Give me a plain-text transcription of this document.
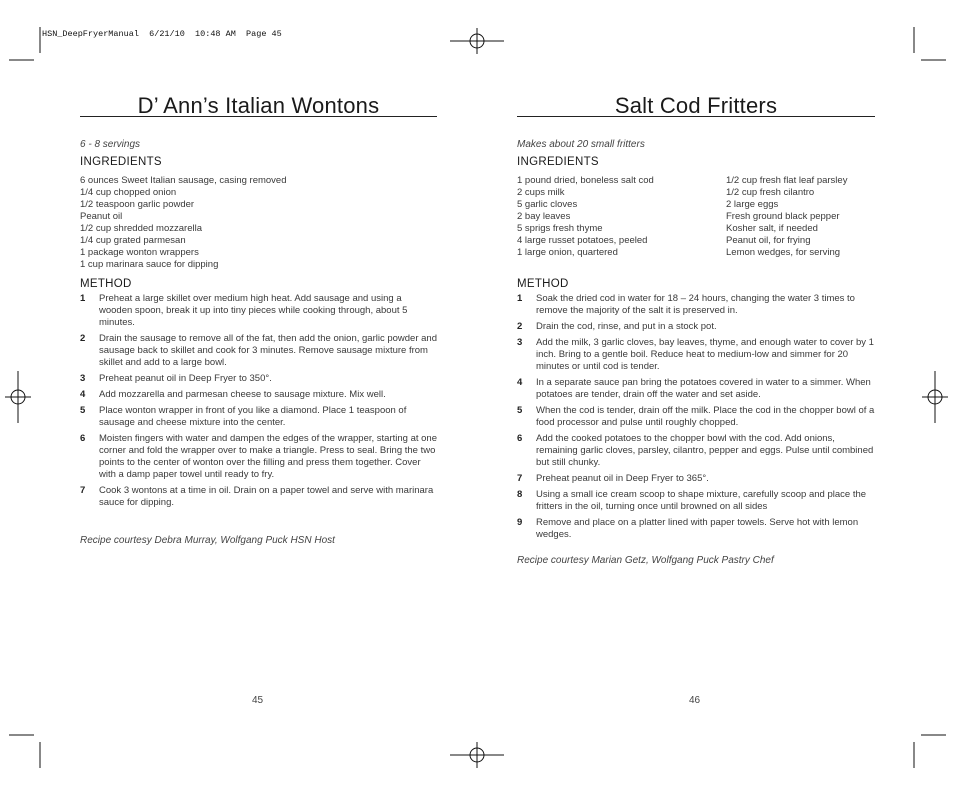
HSN_DeepFryerManual  6/21/10  10:48 AM  Page 45
D’ Ann’s Italian Wontons
6 - 8 servings
INGREDIENTS
6 ounces Sweet Italian sausage, casing removed
1/4 cup chopped onion
1/2 teaspoon garlic powder
Peanut oil
1/2 cup shredded mozzarella
1/4 cup grated parmesan
1 package wonton wrappers
1 cup marinara sauce for dipping
METHOD
1 Preheat a large skillet over medium high heat. Add sausage and using a wooden spoon, break it up into tiny pieces while cooking through, about 5 minutes.
2 Drain the sausage to remove all of the fat, then add the onion, garlic powder and sausage back to skillet and cook for 3 minutes. Remove sausage mixture from skillet and add to a large bowl.
3 Preheat peanut oil in Deep Fryer to 350°.
4 Add mozzarella and parmesan cheese to sausage mixture. Mix well.
5 Place wonton wrapper in front of you like a diamond. Place 1 teaspoon of sausage and cheese mixture into the center.
6 Moisten fingers with water and dampen the edges of the wrapper, starting at one corner and fold the wrapper over to make a triangle. Press to seal. Bring the two points to the center of wonton over the filling and press them together. Cover with a damp paper towel until ready to fry.
7 Cook 3 wontons at a time in oil. Drain on a paper towel and serve with marinara sauce for dipping.
Recipe courtesy Debra Murray, Wolfgang Puck HSN Host
45
Salt Cod Fritters
Makes about 20 small fritters
INGREDIENTS
1 pound dried, boneless salt cod
2 cups milk
5 garlic cloves
2 bay leaves
5 sprigs fresh thyme
4 large russet potatoes, peeled
1 large onion, quartered
1/2 cup fresh flat leaf parsley
1/2 cup fresh cilantro
2 large eggs
Fresh ground black pepper
Kosher salt, if needed
Peanut oil, for frying
Lemon wedges, for serving
METHOD
1 Soak the dried cod in water for 18 – 24 hours, changing the water 3 times to remove the majority of the salt it is preserved in.
2 Drain the cod, rinse, and put in a stock pot.
3 Add the milk, 3 garlic cloves, bay leaves, thyme, and enough water to cover by 1 inch. Bring to a gentle boil. Reduce heat to medium-low and simmer for 20 minutes or until cod is tender.
4 In a separate sauce pan bring the potatoes covered in water to a simmer. When potatoes are tender, drain off the water and set aside.
5 When the cod is tender, drain off the milk. Place the cod in the chopper bowl of a food processor and pulse until roughly chopped.
6 Add the cooked potatoes to the chopper bowl with the cod. Add onions, remaining garlic cloves, parsley, cilantro, pepper and eggs. Pulse until combined but still chunky.
7 Preheat peanut oil in Deep Fryer to 365°.
8 Using a small ice cream scoop to shape mixture, carefully scoop and place the fritters in the oil, turning once until browned on all sides
9 Remove and place on a platter lined with paper towels. Serve hot with lemon wedges.
Recipe courtesy Marian Getz, Wolfgang Puck Pastry Chef
46
